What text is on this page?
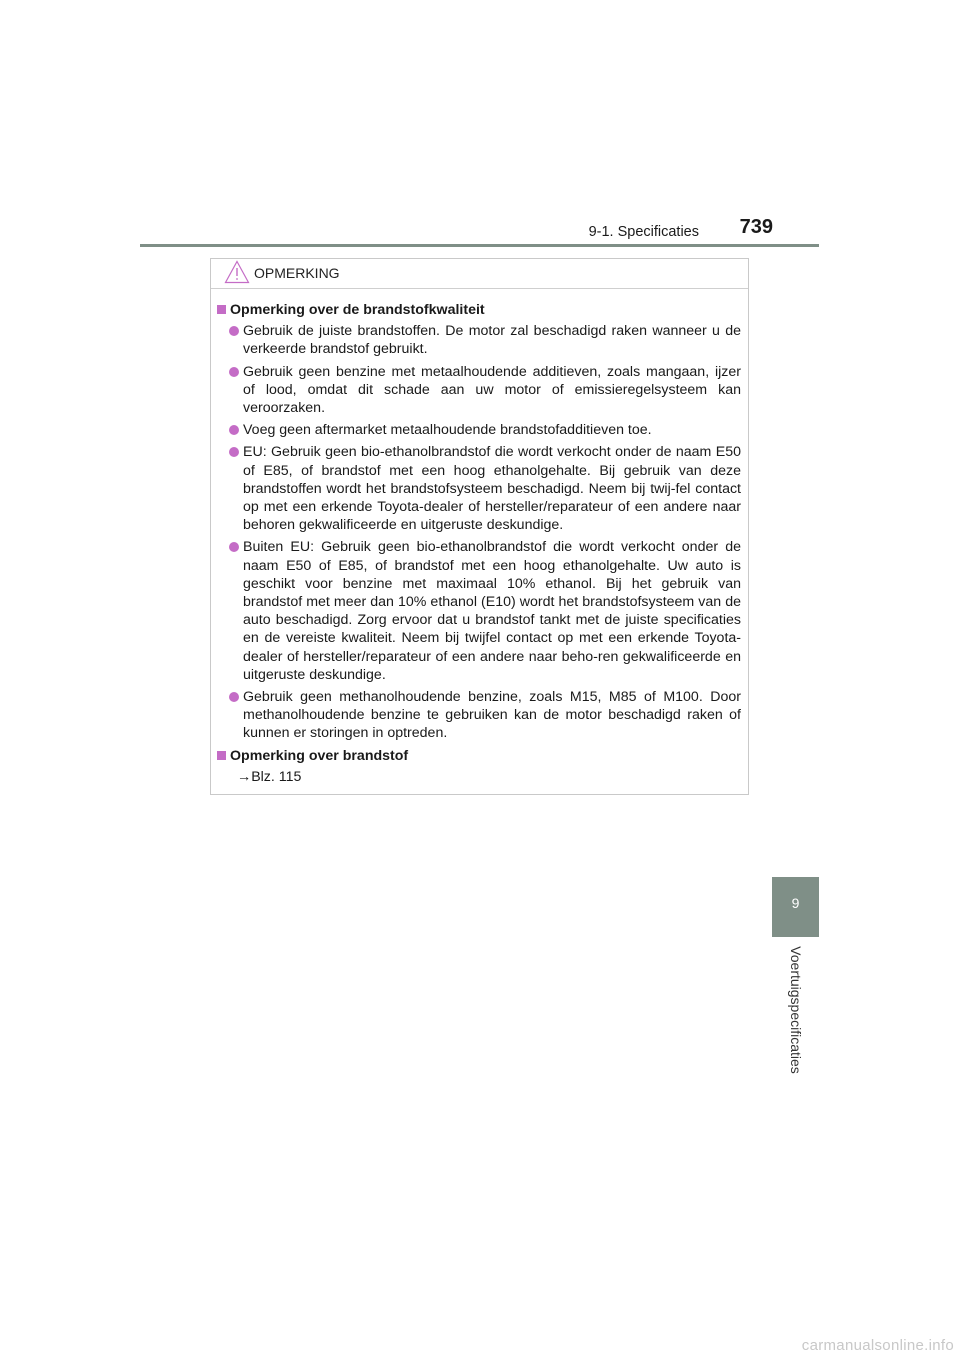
9-1. Specificaties 739
OPMERKING
Opmerking over de brandstofkwaliteit
Gebruik de juiste brandstoffen. De motor zal beschadigd raken wanneer u de verkeerde brandstof gebruikt.
Gebruik geen benzine met metaalhoudende additieven, zoals mangaan, ijzer of lood, omdat dit schade aan uw motor of emissieregelsysteem kan veroorzaken.
Voeg geen aftermarket metaalhoudende brandstofadditieven toe.
EU: Gebruik geen bio-ethanolbrandstof die wordt verkocht onder de naam E50 of E85, of brandstof met een hoog ethanolgehalte. Bij gebruik van deze brandstoffen wordt het brandstofsysteem beschadigd. Neem bij twij-fel contact op met een erkende Toyota-dealer of hersteller/reparateur of een andere naar behoren gekwalificeerde en uitgeruste deskundige.
Buiten EU: Gebruik geen bio-ethanolbrandstof die wordt verkocht onder de naam E50 of E85, of brandstof met een hoog ethanolgehalte. Uw auto is geschikt voor benzine met maximaal 10% ethanol. Bij het gebruik van brandstof met meer dan 10% ethanol (E10) wordt het brandstofsysteem van de auto beschadigd. Zorg ervoor dat u brandstof tankt met de juiste specificaties en de vereiste kwaliteit. Neem bij twijfel contact op met een erkende Toyota-dealer of hersteller/reparateur of een andere naar beho-ren gekwalificeerde en uitgeruste deskundige.
Gebruik geen methanolhoudende benzine, zoals M15, M85 of M100. Door methanolhoudende benzine te gebruiken kan de motor beschadigd raken of kunnen er storingen in optreden.
Opmerking over brandstof
→Blz. 115
9
Voertuigspecificaties
carmanualsonline.info
